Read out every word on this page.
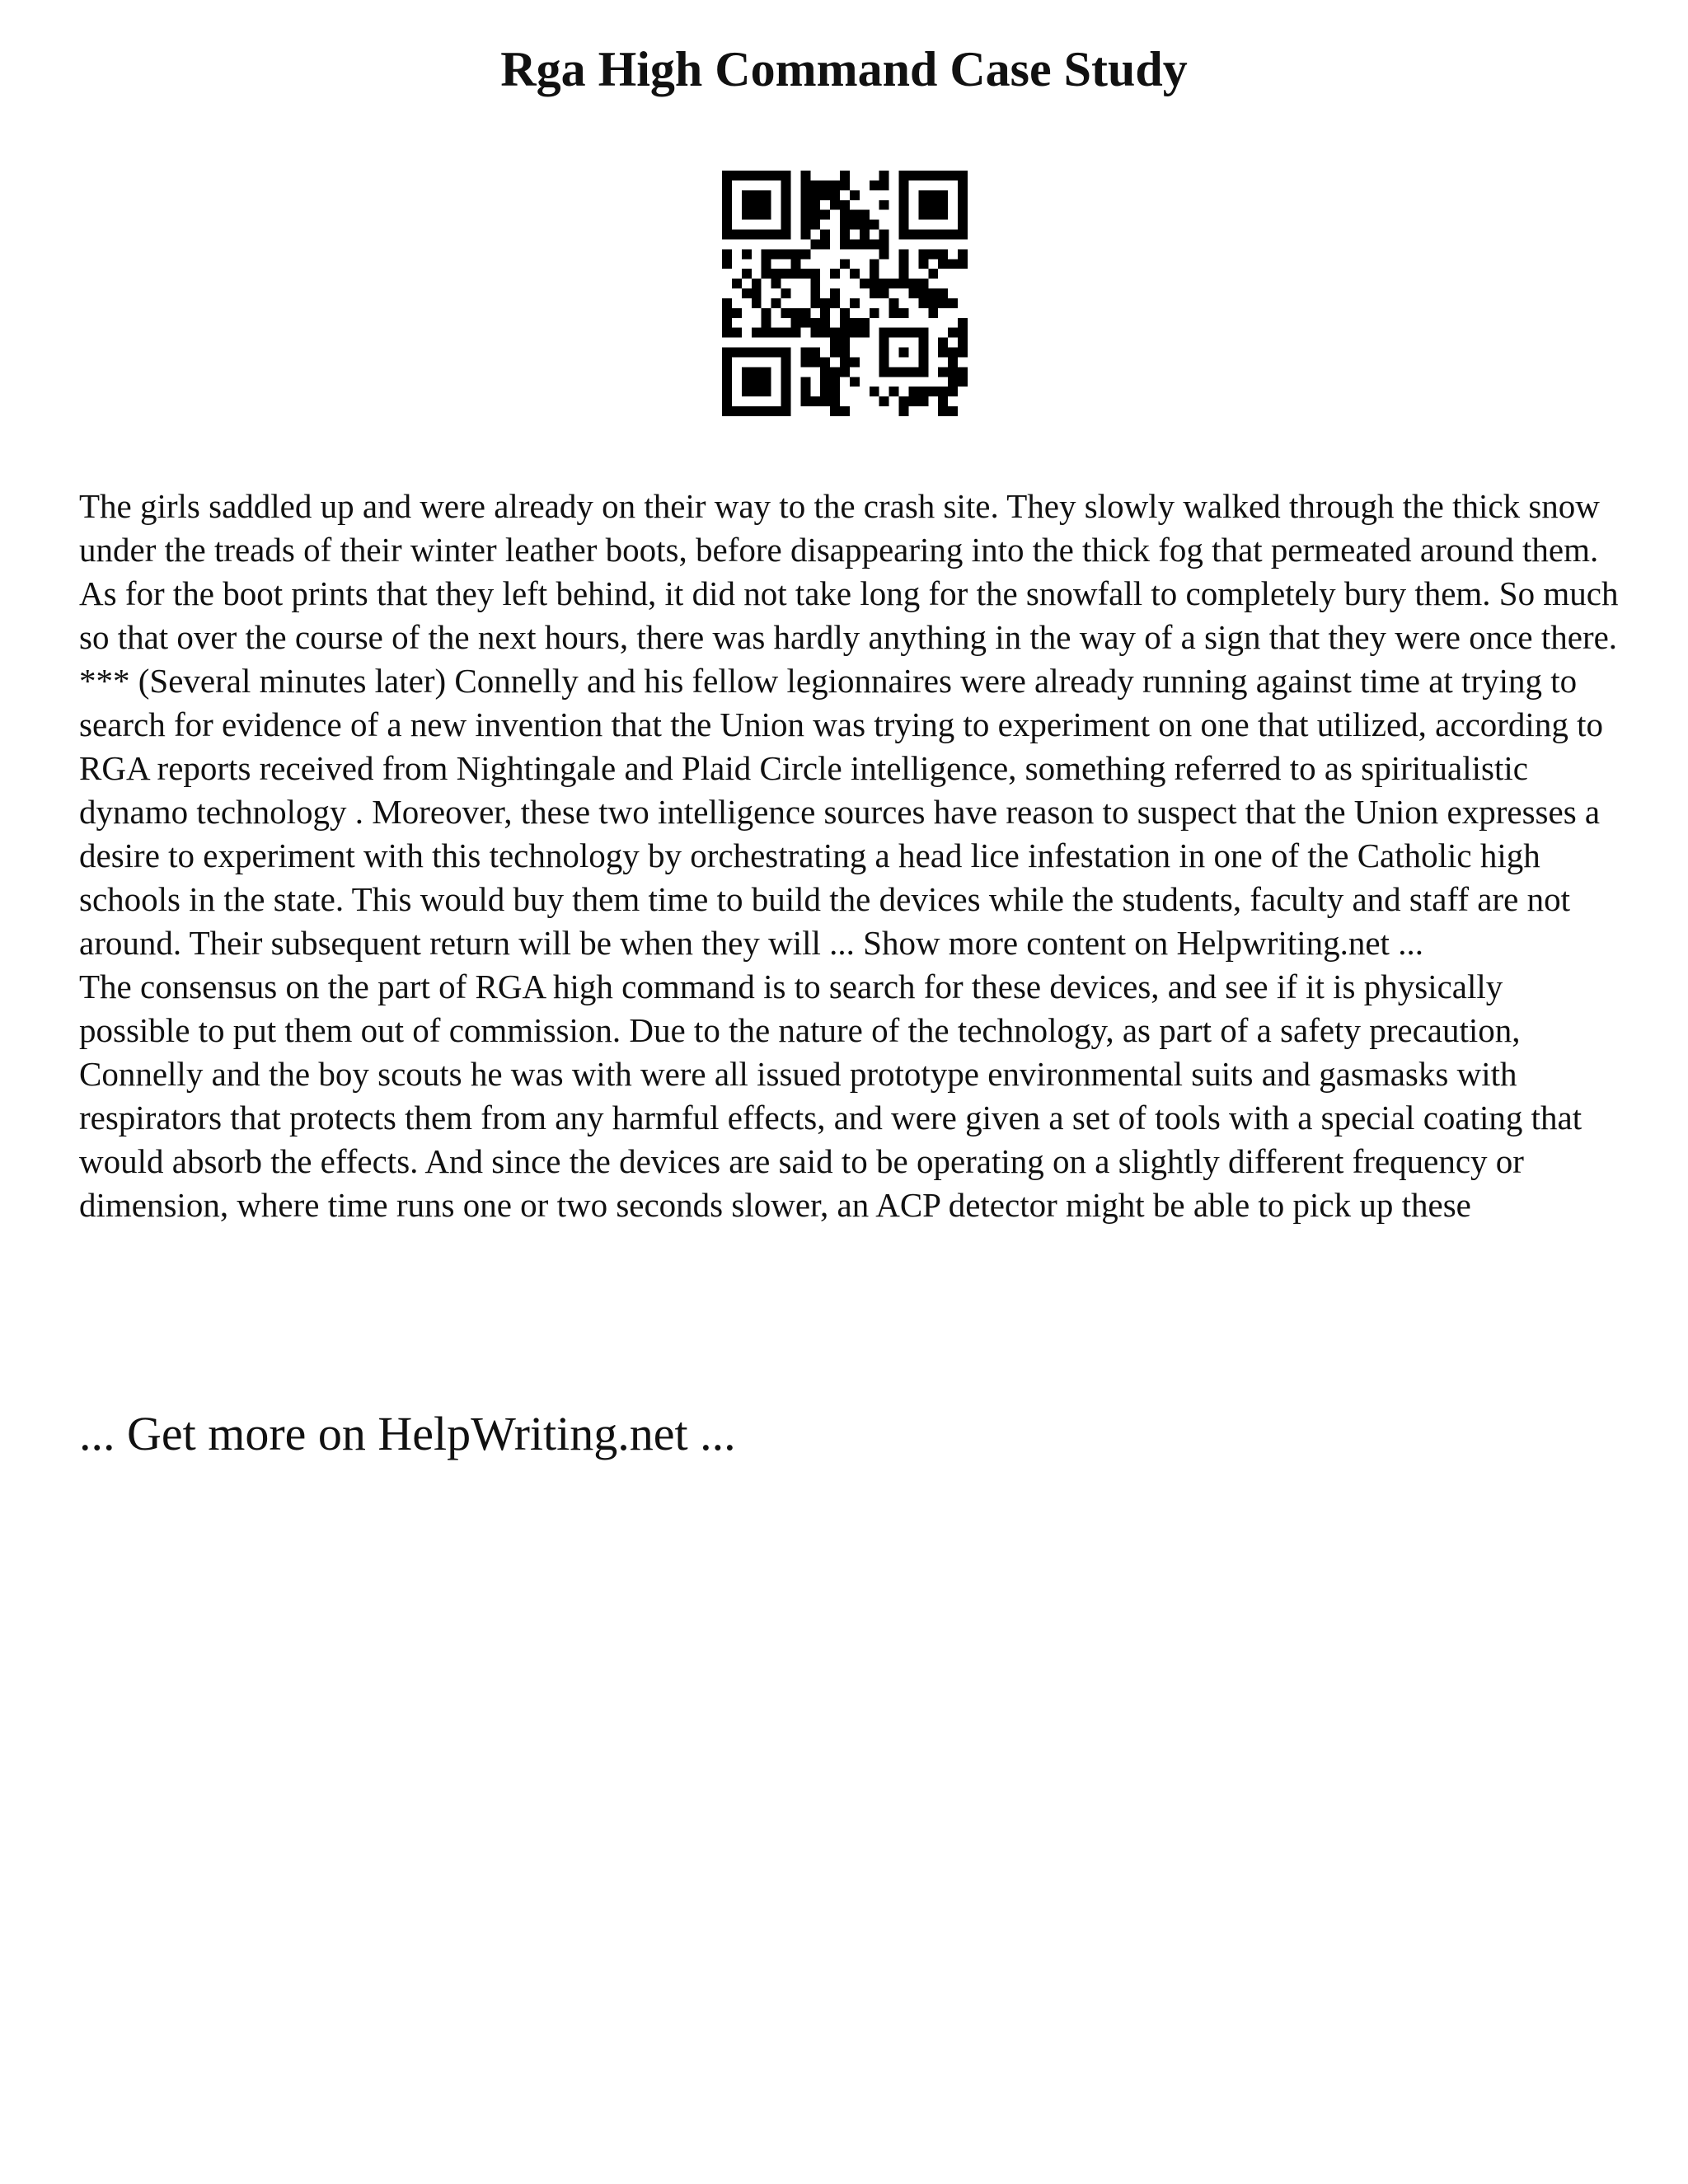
Rga High Command Case Study

The girls saddled up and were already on their way to the crash site. They slowly walked through the thick snow under the treads of their winter leather boots, before disappearing into the thick fog that permeated around them. As for the boot prints that they left behind, it did not take long for the snowfall to completely bury them. So much so that over the course of the next hours, there was hardly anything in the way of a sign that they were once there. *** (Several minutes later) Connelly and his fellow legionnaires were already running against time at trying to search for evidence of a new invention that the Union was trying to experiment on one that utilized, according to RGA reports received from Nightingale and Plaid Circle intelligence, something referred to as spiritualistic dynamo technology . Moreover, these two intelligence sources have reason to suspect that the Union expresses a desire to experiment with this technology by orchestrating a head lice infestation in one of the Catholic high schools in the state. This would buy them time to build the devices while the students, faculty and staff are not around. Their subsequent return will be when they will ... Show more content on Helpwriting.net ...

The consensus on the part of RGA high command is to search for these devices, and see if it is physically possible to put them out of commission. Due to the nature of the technology, as part of a safety precaution, Connelly and the boy scouts he was with were all issued prototype environmental suits and gasmasks with respirators that protects them from any harmful effects, and were given a set of tools with a special coating that would absorb the effects. And since the devices are said to be operating on a slightly different frequency or dimension, where time runs one or two seconds slower, an ACP detector might be able to pick up these

... Get more on HelpWriting.net ...
